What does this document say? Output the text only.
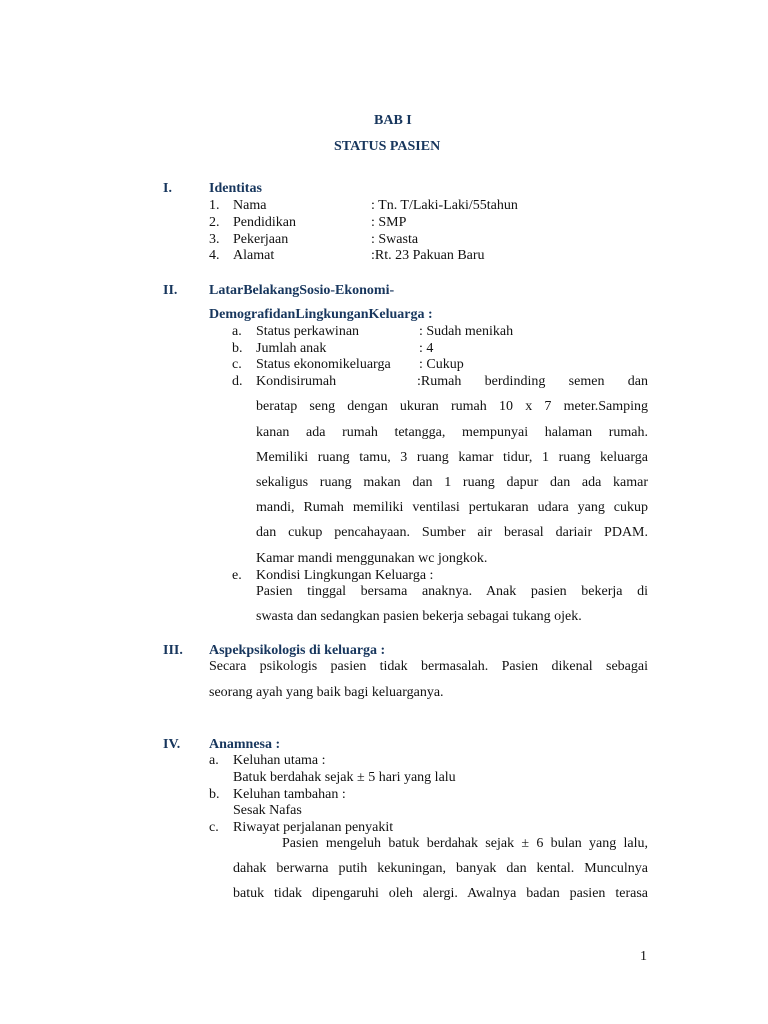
BAB I
STATUS PASIEN
I.	Identitas
1. Nama	: Tn. T/Laki-Laki/55tahun
2. Pendidikan	: SMP
3. Pekerjaan	: Swasta
4. Alamat	:Rt. 23 Pakuan Baru
II. LatarBelakangSosio-Ekonomi-
DemografidanLingkunganKeluarga :
a. Status perkawinan	: Sudah menikah
b. Jumlah anak	: 4
c. Status ekonomikeluarga : Cukup
d. Kondisirumah	:Rumah berdinding semen dan
beratap seng dengan ukuran rumah 10 x 7 meter.Samping
kanan ada rumah tetangga, mempunyai halaman rumah.
Memiliki ruang tamu, 3 ruang kamar tidur, 1 ruang keluarga
sekaligus ruang makan dan 1 ruang dapur dan ada kamar
mandi, Rumah memiliki ventilasi pertukaran udara yang cukup
dan cukup pencahayaan. Sumber air berasal dariair PDAM.
Kamar mandi menggunakan wc jongkok.
e. Kondisi Lingkungan Keluarga :
Pasien tinggal bersama anaknya. Anak pasien bekerja di
swasta dan sedangkan pasien bekerja sebagai tukang ojek.
III. Aspekpsikologis di keluarga :
Secara psikologis pasien tidak bermasalah. Pasien dikenal sebagai
seorang ayah yang baik bagi keluarganya.
IV. Anamnesa :
a. Keluhan utama :
Batuk berdahak sejak ± 5 hari yang lalu
b. Keluhan tambahan :
Sesak Nafas
c. Riwayat perjalanan penyakit
Pasien mengeluh batuk berdahak sejak ± 6 bulan yang lalu,
dahak berwarna putih kekuningan, banyak dan kental. Munculnya
batuk tidak dipengaruhi oleh alergi. Awalnya badan pasien terasa
1
